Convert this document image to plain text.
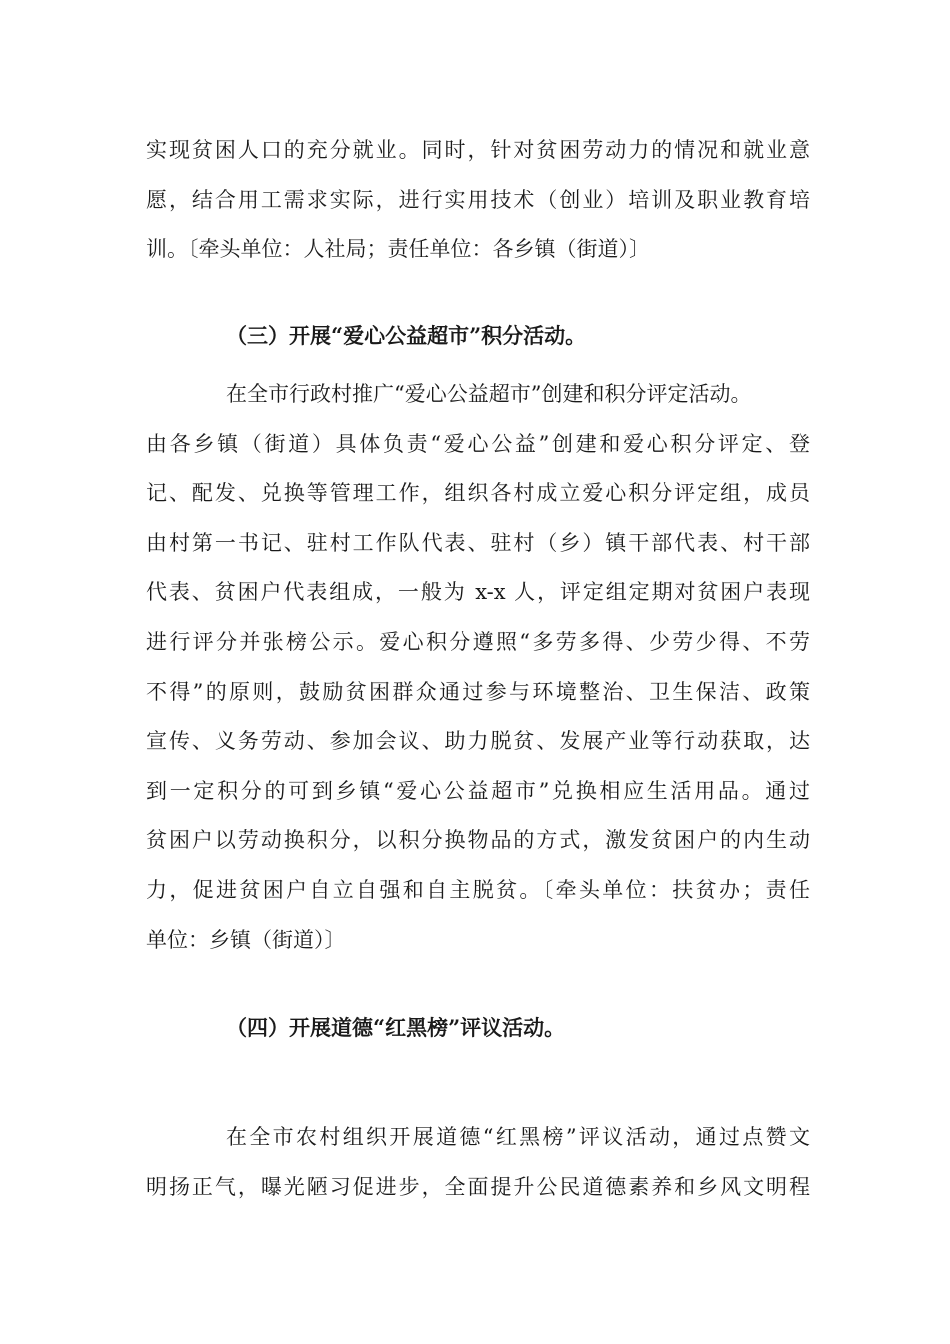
实现贫困人口的充分就业。同时，针对贫困劳动力的情况和就业意
愿，结合用工需求实际，进行实用技术（创业）培训及职业教育培
训。〔牵头单位：人社局；责任单位：各乡镇（街道）〕
（三）开展“爱心公益超市”积分活动。
在全市行政村推广“爱心公益超市”创建和积分评定活动。
由各乡镇（街道）具体负责“爱心公益”创建和爱心积分评定、登
记、配发、兑换等管理工作，组织各村成立爱心积分评定组，成员
由村第一书记、驻村工作队代表、驻村（乡）镇干部代表、村干部
代表、贫困户代表组成，一般为 x-x 人，评定组定期对贫困户表现
进行评分并张榜公示。爱心积分遵照“多劳多得、少劳少得、不劳
不得”的原则，鼓励贫困群众通过参与环境整治、卫生保洁、政策
宣传、义务劳动、参加会议、助力脱贫、发展产业等行动获取，达
到一定积分的可到乡镇“爱心公益超市”兑换相应生活用品。通过
贫困户以劳动换积分，以积分换物品的方式，激发贫困户的内生动
力，促进贫困户自立自强和自主脱贫。〔牵头单位：扶贫办；责任
单位：乡镇（街道）〕
（四）开展道德“红黑榜”评议活动。
在全市农村组织开展道德“红黑榜”评议活动，通过点赞文
明扬正气，曝光陋习促进步，全面提升公民道德素养和乡风文明程
